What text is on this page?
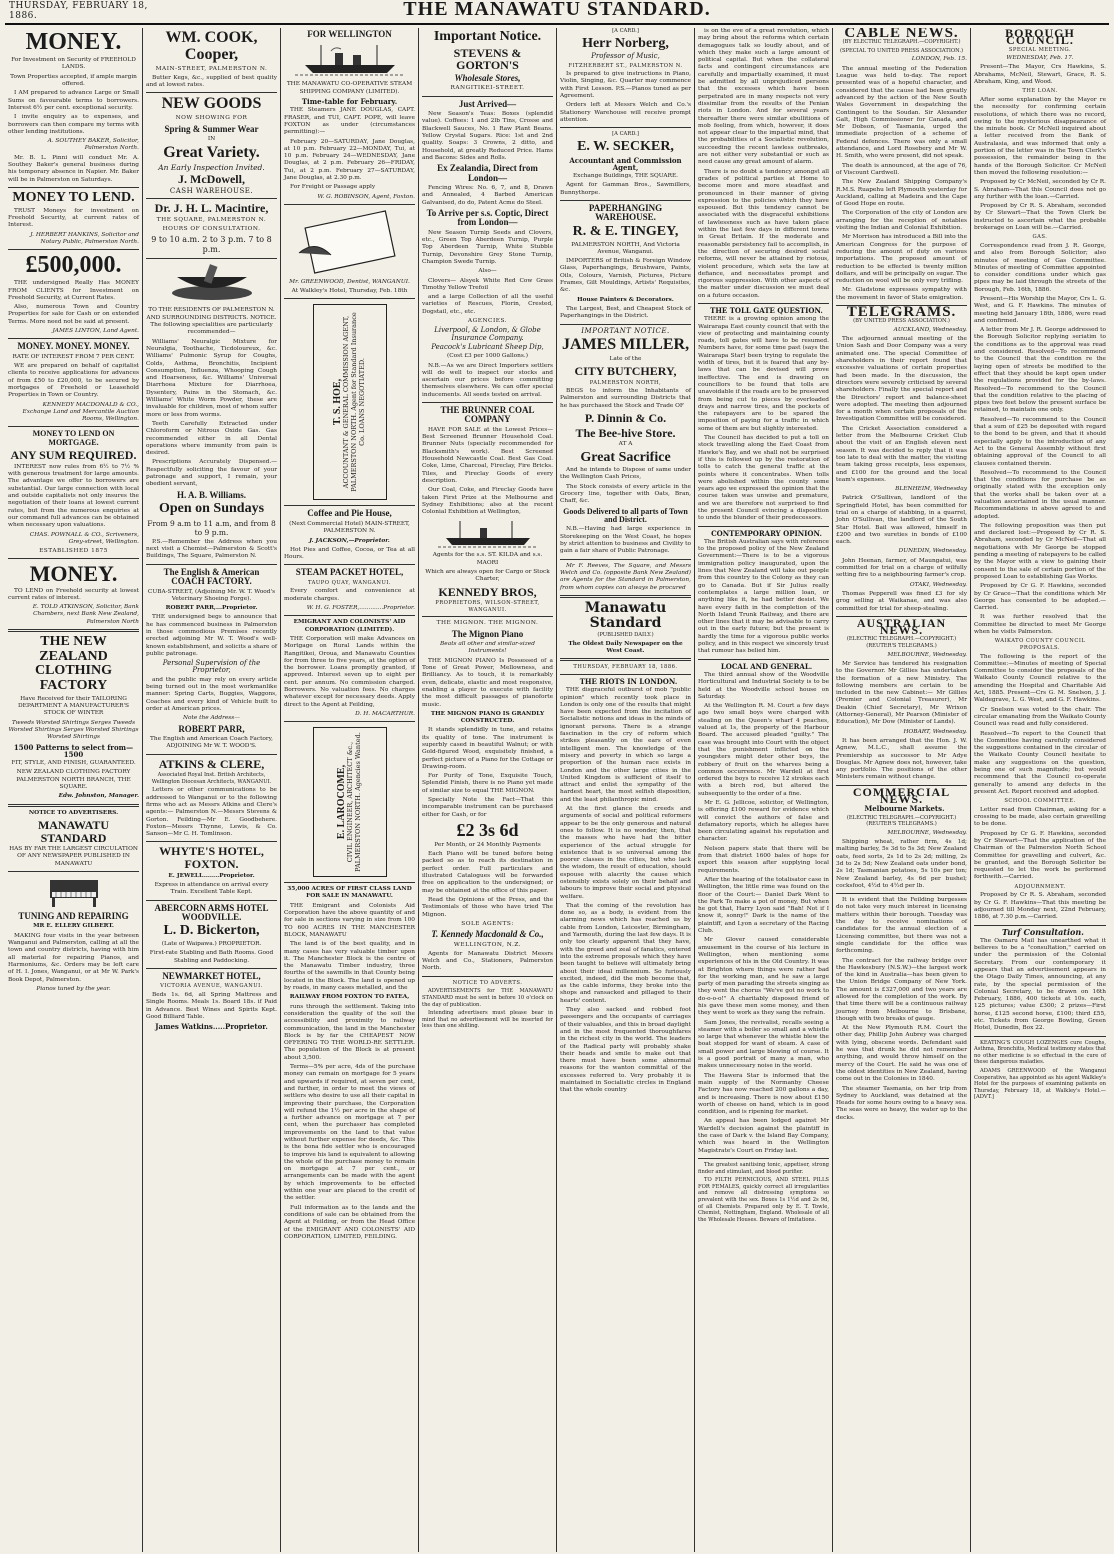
THURSDAY, FEBRUARY 18, 1886.	THE MANAWATU STANDARD.
MONEY.

For Investment on Security of FREEHOLD LANDS.

Town Properties accepted, if ample margin offered.

I AM prepared to advance Large or Small Sums on favourable terms to borrowers. Interest 6½ per cent. exceptional security.

I invite enquiry as to expenses, and borrowers can then compare my terms with other lending institutions.

A. SOUTHEY BAKER, Solicitor, Palmerston North.

Mr. B. L. Pinni will conduct Mr. A. Southey Baker's general business during his temporary absence in Napier. Mr. Baker will be in Palmerston on Saturdays.

MONEY TO LEND.

TRUST Moneys for investment on Freehold Security, at current rates of Interest.

J. HERBERT HANKINS, Solicitor and Notary Public, Palmerston North.

£500,000.

THE undersigned Really Has MONEY FROM CLIENTS for Investment on Freehold Security, at Current Rates.

Also, numerous Town and Country Properties for sale for Cash or on extended Terms. More need not be said at present.

JAMES LINTON, Land Agent.

MONEY. MONEY. MONEY.

RATE OF INTEREST FROM 7 PER CENT.

WE are prepared on behalf of capitalist clients to receive applications for advances of from £50 to £20,000, to be secured by mortgages of Freehold or Leasehold Properties in Town or Country.

KENNEDY MACDONALD & CO., Exchange Land and Mercantile Auction Rooms, Wellington.

MONEY TO LEND ON MORTGAGE.
ANY SUM REQUIRED.

INTEREST now rules from 6½ to 7½ % with generous treatment for large amounts. The advantage we offer to borrowers are substantial. Our large connection with local and outside capitalists not only insures the negotiation of their loans at lowest current rates, but from the numerous enquiries at our command full advances can be obtained when necessary upon valuations.

CHAS. POWNALL & CO., Scriveners, Grey-street, Wellington.

ESTABLISHED 1875

MONEY.

TO LEND on Freehold security at lowest current rates of interest.

E. TOLD ATKINSON, Solicitor, Bank Chambers, next Bank New Zealand, Palmerston North

THE NEW ZEALAND CLOTHING FACTORY

Have Received for their TAILORING DEPARTMENT A MANUFACTURER'S STOCK OF WINTER

Tweeds Worsted Shirtings Serges Tweeds Worsted Shirtings Serges Worsted Shirtings Worsted Shirtings

1500 Patterns to select from—1500

FIT, STYLE, AND FINISH, GUARANTEED.

NEW ZEALAND CLOTHING FACTORY PALMERSTON NORTH BRANCH, THE SQUARE.

Edw. Johnston, Manager.

NOTICE TO ADVERTISERS.

MANAWATU STANDARD

HAS BY FAR THE LARGEST CIRCULATION OF ANY NEWSPAPER PUBLISHED IN MANAWATU

TUNING AND REPAIRING

MR E. ELLERY GILBERT.

MAKING four visits in the year between Wanganui and Palmerston, calling at all the town and country districts, having with him all material for repairing Pianos, and Harmoniums, &c. Orders may be left care of H. I. Jones, Wanganui, or at Mr W. Park's Book Depot, Palmerston.

Pianos tuned by the year.

WM. COOK, Cooper,

MAIN-STREET, PALMERSTON N.

Butter Kegs, &c., supplied of best quality and at lowest rates.

NEW GOODS

NOW SHOWING FOR

Spring & Summer Wear

IN

Great Variety.

An Early Inspection Invited.

J. McDowell,

CASH WAREHOUSE.

Dr. J. H. L. Macintire,

THE SQUARE, PALMERSTON N.

HOURS OF CONSULTATION.

9 to 10 a.m. 2 to 3 p.m. 7 to 8 p.m.

TO THE RESIDENTS OF PALMERSTON N. AND SURROUNDING DISTRICTS. NOTICE. The following specialities are particularly recommended—

Williams' Neuralgic Mixture for Neuralgia, Toothache, Ticdoloureux, &c. Williams' Pulmonic Syrup for Coughs, Colds, Asthma, Bronchitis, Incipient Consumption, Influenza, Whooping Cough and Hoarseness, &c. Williams' Universal Diarrhoea Mixture for Diarrhoea, Dysentery, Pains in the Stomach, &c. Williams' White Worm Powder, these are invaluable for children, most of whom suffer more or less from worms.

Teeth Carefully Extracted under Chloroform or Nitrous Oxide Gas. Gas recommended either in all Dental operations where immunity from pain is desired.

Prescriptions Accurately Dispensed.—Respectfully soliciting the favour of your patronage and support, I remain, your obedient servant,

H. A. B. Williams.
Open on Sundays

From 9 a.m to 11 a.m, and from 8 to 9 p.m.

P.S.—Remember the Address when you next visit a Chemist—Palmerston & Scott's Buildings, The Square, Palmerston N.

The English & American COACH FACTORY.

CUBA-STREET, (Adjoining Mr. W. T. Wood's Veterinary Shoeing Forge).

ROBERT PARR,...Proprietor.

THE undersigned begs to announce that he has commenced business in Palmerston in those commodious Premises recently erected adjoining Mr W. T. Wood's well-known establishment, and solicits a share of public patronage.

Personal Supervision of the Proprietor,

and the public may rely on every article being turned out in the most workmanlike manner: Spring Carts, Buggies, Waggons, Coaches and every kind of Vehicle built to order at American prices.

Note the Address—

ROBERT PARR,

The English and American Coach Factory, ADJOINING Mr W. T. WOOD'S.

ATKINS & CLERE,

Associated Royal Inst. British Architects, Wellington Diocesan Architects, WANGANUI.

Letters or other communications to be addressed to Wanganui or to the following firms who act as Messrs Atkins and Clere's agents:— Palmerston N.—Messrs Stevens & Gorton. Feilding—Mr E. Goodbehere. Foxton—Messrs Thynne, Lewis, & Co. Sanson—Mr C. H. Tomlinson.

WHYTE'S HOTEL, FOXTON.

E. JEWELL........Proprietor.

Express in attendance on arrival every Train. Excellent Table Kept.

ABERCORN ARMS HOTEL WOODVILLE.
L. D. Bickerton,

(Late of Waipawa.) PROPRIETOR.

First-rate Stabling and Bath Rooms. Good Stabling and Paddocking.

NEWMARKET HOTEL,

VICTORIA AVENUE, WANGANUI.

Beds 1s. 6d, all Spring Mattress and Single Rooms. Meals 1s. Board 18s. if Paid in Advance. Best Wines and Spirits Kept. Good Billiard Table.

James Watkins.....Proprietor.

FOR WELLINGTON

THE MANAWATU CO-OPERATIVE STEAM SHIPPING COMPANY (LIMITED).

Time-table for February.

THE Steamers JANE DOUGLAS, CAPT. FRASER, and TUI, CAPT. POPE, will leave FOXTON as under (circumstances permitting):—

February 20—SATURDAY, Jane Douglas, at 10 p.m. February 22—MONDAY, Tui, at 10 p.m. February 24—WEDNESDAY, Jane Douglas, at 2 p.m. February 26—FRIDAY, Tui, at 2 p.m. February 27—SATURDAY, Jane Douglas, at 2.30 p.m.

For Freight or Passage apply

W. G. ROBINSON, Agent, Foxton.

Mr. GREENWOOD, Dentist, WANGANUI.

At Walkley's Hotel, Thursday, Feb. 18th

T. S. HOE, ACCOUNTANT & GENERAL COMMISSION AGENT, PALMERSTON NORTH. Agent for Standard Insurance Co. LOANS NEGOTIATED.
Coffee and Pie House,

(Next Commercial Hotel) MAIN-STREET, PALMERSTON N.

J. JACKSON,—Proprietor.

Hot Pies and Coffee, Cocoa, or Tea at all Hours.

STEAM PACKET HOTEL,

TAUPO QUAY, WANGANUI.

Every comfort and convenience at moderate charges.

W. H. G. FOSTER,.............Proprietor.

EMIGRANT AND COLONISTS' AID CORPORATION (LIMITED).

THE Corporation will make Advances on Mortgage on Rural Lands within the Rangitikei, Oroua, and Manawatu Counties for from three to five years, at the option of the borrower. Loans promptly granted, if approved. Interest seven up to eight per cent. per annum. No commission charged. Borrowers. No valuation fees. No charges whatever except for necessary deeds. Apply direct to the Agent at Feilding,

D. H. MACARTHUR.

E. LAROCOME, CIVIL ENGINEER, ARCHITECT &c., PALMERSTON NORTH. Agencies Wanted.

35,000 ACRES OF FIRST CLASS LAND FOR SALE IN MANAWATU.

THE Emigrant and Colonists Aid Corporation have the above quantity of and for sale in sections varying in size from 100 TO 600 ACRES IN THE MANCHESTER BLOCK, MANAWATU

The land is of the best quality, and in many cases has very valuable timber upon it. The Manchester Block is the centre of the Manawatu Timber industry, three fourths of the sawmills in that County being located in the Block. The land is opened up by roads, in many cases metalled, and the

RAILWAY FROM FOXTON TO FATEA,

runs through the settlement. Taking into consideration the quality of the soil the accessibility and proximity to railway communication, the land in the Manchester Block is by far the CHEAPEST NOW OFFERING TO THE WORLD-RE SETTLER. The population of the Block is at present about 3,500.

Terms—5% per acre, 4ds of the purchase money can remain on mortgage for 5 years and upwards if required, at seven per cent, and further, in order to meet the views of settlers who desire to use all their capital in improving their purchase, the Corporation will refund the 1½ per acre in the shape of a further advance on mortgage at 7 per cent, when the purchaser has completed improvements on the land to that value without further expense for deeds, &c. This is the bona fide settler who is encouraged to improve his land is equivalent to allowing the whole of the purchase money to remain on mortgage at 7 per cent., or arrangements can be made with the agent by which improvements to be effected within one year are placed to the credit of the settler.

Full information as to the lands and the conditions of sale can be obtained from the Agent at Feilding, or from the Head Office of the EMIGRANT AND COLONISTS' AID CORPORATION, LIMITED, FEILDING.

Important Notice.
STEVENS & GORTON'S
Wholesale Stores,

RANGITIKEI-STREET.

Just Arrived—

New Season's Teas: Boxes (splendid value). Coffees: 1 and 2lb Tins, Crosse and Blackwell Sauces, No. 1 Raw Plant Beans. Yellow Crystal Sugars. Rice: 1st and 2nd quality. Soaps: 3 Crowns, 2 ditto, and Household, at greatly Reduced Price. Hams and Bacons: Sides and Rolls.

Ex Zealandia, Direct from London—

Fencing Wires: No. 6, 7, and 8, Drawn and Annealed, 4 Barbed American Galvanised, do do, Patent Acme do Steel.

To Arrive per s.s. Coptic, Direct from London—

New Season Turnip Seeds and Clovers, etc., Green Top Aberdeen Turnip, Purple Top Aberdeen Turnip, White Stubble Turnip, Devonshire Grey Stone Turnip, Champion Swede Turnip.

Also—

Clovers— Alsyek White Red Cow Grass Timothy Yellow Trefoil

and a large Collection of all the useful varieties of Rescues, Florin, Crested, Dogstail, etc., etc.

AGENCIES.

Liverpool, & London, & Globe Insurance Company.

Peacock's Lubricant Sheep Dip,

(Cost £3 per 1000 Gallons.)

N.B.—As we are Direct Importers settlers will do well to inspect our stocks and ascertain our prices before committing themselves elsewhere. We can offer special inducements. All seeds tested on arrival.

THE BRUNNER COAL COMPANY

HAVE FOR SALE at the Lowest Prices— Best Screened Brunner Household Coal. Brunner Nuts (specially recommended for Blacksmith's work). Best Screened Household Newcastle Coal. Best Gas Coal. Coke, Lime, Charcoal, Fireclay, Fire Bricks. Tiles, and Fireclay Goods of every description.

Our Coal, Coke, and Fireclay Goods have taken First Prize at the Melbourne and Sydney Exhibitions; also at the recent Colonial Exhibition at Wellington,

Agents for the s.s. ST. KILDA and s.s. MAORI

Which are always open for Cargo or Stock Charter,

KENNEDY BROS,

PROPRIETORS, WILSON-STREET, WANGANUI.

THE MIGNON. THE MIGNON.

The Mignon Piano

Beats all other and similar-sized Instruments!

THE MIGNON PIANO Is Possessed of a Tone of Great Power, Mellowness, and Brilliancy. As to touch, it is remarkably even, delicate, elastic and most responsive, enabling a player to execute with facility the most difficult passages of pianoforte music.

THE MIGNON PIANO IS GRANDLY CONSTRUCTED.

It stands splendidly in tune, and retains its quality of tone. The instrument is superbly cased in beautiful Walnut; or with Gold-figured Wood, exquisitely finished, a perfect picture of a Piano for the Cottage or Drawing-room.

For Purity of Tone, Exquisite Touch, Splendid Finish, there is no Piano yet made of similar size to equal THE MIGNON.

Specially Note the Fact—That this incomparable instrument can be purchased either for Cash, or for

£2 3s 6d

Per Month, or 24 Monthly Payments

Each Piano will be tuned before being packed so as to reach its destination in perfect order. Full particulars and illustrated Catalogues will be forwarded free on application to the undersigned; or may be obtained at the office of this paper.

Read the Opinions of the Press, and the Testimonials of those who have tried The Mignon.

SOLE AGENTS:

T. Kennedy Macdonald & Co.,

WELLINGTON, N.Z.

Agents for Manawatu District Messrs Welch and Co., Stationers, Palmerston North.

NOTICE TO ADVERTS.

ADVERTISEMENTS for THE MANAWATU STANDARD must be sent in before 10 o'clock on the day of publication.

Intending advertisers must please bear in mind that no advertisement will be inserted for less than one shilling.

[A CARD.]

Herr Norberg,

Professor of Music,

FITZHERBERT ST., PALMERSTON N.

Is prepared to give instructions in Piano, Violin, Singing, &c. Quarter may commence with First Lesson. P.S.—Pianos tuned as per Agreement.

Orders left at Messrs Welch and Co.'s Stationery Warehouse will receive prompt attention.

[A CARD.]

E. W. SECKER,

Accountant and Commission Agent,

Exchange Buildings, THE SQUARE.

Agent for Gamman Bros., Sawmillers, Bunnythorpe.

PAPERHANGING WAREHOUSE.
R. & E. TINGEY,

PALMERSTON NORTH, And Victoria Avenue, Wanganui.

IMPORTERS of British & Foreign Window Glass, Paperhangings, Brushware, Paints, Oils, Colours, Varnish, Pictures, Picture Frames, Gilt Mouldings, Artists' Requisites, &c.

House Painters & Decorators.

The Largest, Best, and Cheapest Stock of Paperhangings in the District.

IMPORTANT NOTICE.

JAMES MILLER,

Late of the

CITY BUTCHERY,

PALMERSTON NORTH,

BEGS to inform the Inhabitants of Palmerston and surrounding Districts that he has purchased the Stock and Trade OF

P. Dinnin & Co.
The Bee-hive Store.

AT A

Great Sacrifice

And he intends to Dispose of same under the Wellington Cash Prices,

The Stock consists of every article in the Grocery line, together with Oats, Bran, Chaff, &c.

Goods Delivered to all parts of Town and District.

N.B.—Having had large experience in Storekeeping on the West Coast, he hopes by strict attention to business and Civility to gain a fair share of Public Patronage.

Mr F. Reeves, The Square, and Messrs Welch and Co. (opposite Bank New Zealand) are Agents for the Standard in Palmerston, from whom copies can always be procured

Manawatu Standard

(PUBLISHED DAILY.)

The Oldest Daily Newspaper on the West Coast.

THURSDAY, FEBRUARY 18, 1886.

THE RIOTS IN LONDON.

THE disgraceful outburst of mob "public opinion" which recently took place in London is only one of the results that might have been expected from the incitation of Socialistic notions and ideas in the minds of ignorant persons. There is a strange fascination in the cry of reform which strikes pleasantly on the ears of even intelligent men. The knowledge of the misery and poverty in which so large a proportion of the human race exists in London and the other large cities in the United Kingdom is sufficient of itself to attract and enlist the sympathy of the hardest heart, the most selfish disposition, and the least philanthropic mind.

At the first glance the creeds and arguments of social and political reformers appear to be the only generous and natural ones to follow. It is no wonder, then, that the masses who have had the bitter experience of the actual struggle for existence that is so universal among the poorer classes in the cities, but who lack the wisdom, the result of education, should espouse with alacrity the cause which ostensibly exists solely on their behalf and labours to improve their social and physical welfare.

That the coming of the revolution has done so, as a body, is evident from the alarming news which has reached us by cable from London, Leicester, Birmingham, and Yarmouth, during the last few days. It is only too clearly apparent that they have, with the greed and zeal of fanatics, entered into the extreme proposals which they have been taught to believe will ultimately bring about their ideal millennium. So furiously excited, indeed, did the mob become that, as the cable informs, they broke into the shops and ransacked and pillaged to their hearts' content.

They also sacked and robbed foot passengers and the occupants of carriages of their valuables, and this in broad daylight and in the most frequented thoroughfares in the richest city in the world. The leaders of the Radical party will probably shake their heads and smile to make out that there must have been some abnormal reasons for the wanton committal of the excesses referred to. Very probably it is maintained in Socialistic circles in England that the whole country

is on the eve of a great revolution, which may bring about the reforms which certain demagogues talk so loudly about, and of which they make such a large amount of political capital. But when the collateral facts and contingent circumstances are carefully and impartially examined, it must be admitted by all unprejudiced persons that the excesses which have been perpetrated are in many respects not very dissimilar from the results of the Fenian riots in London. And for several years thereafter there were similar ebullitions of mob feeling, from which, however, it does not appear clear to the impartial mind, that the probabilities of a Socialistic revolution, succeeding the recent lawless outbreaks, are not either very substantial or such as need cause any great amount of alarm.

There is no doubt a tendency amongst all grades of political parties at Home to become more and more steadfast and pronounced in their manner of giving expression to the policies which they have espoused. But this tendency cannot be associated with the disgraceful exhibitions of lawlessness such as have taken place within the last few days in different towns in Great Britain. If the moderate and reasonable persistency fail to accomplish, in the direction of securing desired social reforms, will never be attained by riotous, violent procedure, which sets the law at defiance, and necessitates prompt and rigorous suppression. With other aspects of the matter under discussion we must deal on a future occasion.

THE TOLL GATE QUESTION.

THERE is a growing opinion among the Wairarapa East county council that with the view of protecting and maintaining county roads, toll gates will have to be resumed. Numbers have, for some time past (says the Wairarapa Star) been trying to regulate the width of tires, but it is feared that any by-laws that can be devised will prove ineffective. The end is drawing on councillors to be found that tolls are unavoidable if the roads are to be preserved from being cut to pieces by overloaded drays and narrow tires, and the pockets of the ratepayers are to be spared the imposition of paying for a traffic in which some of them are but slightly interested.

The Council has decided to put a toll on stock travelling along the East Coast from Hawke's Bay, and we shall not be surprised if this is followed up by the restoration of tolls to catch the general traffic at the points where it concentrates. When tolls were abolished within the county some years ago we expressed the opinion that the course taken was unwise and premature, and we are therefore not surprised to find the present Council evincing a disposition to undo the blunder of their predecessors.

CONTEMPORARY OPINION.

The British Australian says with reference to the proposed policy of the New Zealand Government:—There is to be a vigorous immigration policy inaugurated, upon the lines that New Zealand will take out people from this country to the Colony as they can go to Canada. But if Sir Julius really contemplates a large million loan, or anything like it, he had better desist. We have every faith in the completion of the North Island Trunk Railway, and there are other lines that it may be advisable to carry out in the early future; but the present is hardly the time for a vigorous public works policy, and in this respect we sincerely trust that rumour has belied him.

LOCAL AND GENERAL.

The third annual show of the Woodville Horticultural and Industrial Society is to be held at the Woodville school house on Saturday.

At the Wellington R. M. Court a few days ago two small boys were charged with stealing on the Queen's wharf 4 peaches, valued at 1s, the property of the Harbour Board. The accused pleaded "guilty." The case was brought into Court with the object that the punishment inflicted on the youngsters might deter other boys, the robbery of fruit on the wharves being a common occurrence. Mr Wardell at first ordered the boys to receive 12 strokes each with a birch rod, but altered the subsequently to the order of a fine.

Mr E. G. Jellicoe, solicitor, of Wellington, is offering £100 reward for evidence which will convict the authors of false and defamatory reports, which he alleges have been circulating against his reputation and character.

Nelson papers state that there will be from that district 1600 bales of hops for export this season after supplying local requirements.

After the hearing of the totalisator case in Wellington, the little rime was found on the floor of the Court:— Daniel Dark Went to the Park To make a pot of money, But when he got that, Harry Lyon said "Bah! Not if I know it, sonny!" Dark is the name of the plaintiff, and Lyon a secretary of the Racing Club.

Mr Glover caused considerable amusement in the course of his lecture in Wellington, when mentioning some experiences of his in the Old Country. It was at Brighton where things were rather bad for the working man, and he saw a large party of men parading the streets singing as they went the chorus "We've got no work to do-o-o-o!" A charitably disposed friend of his gave these men some money, and then they went to work as they sang the refrain.

Sam Jones, the revivalist, recalls seeing a steamer with a boiler so small and a whistle so large that whenever the whistle blew the boat stopped for want of steam. A case of small power and large blowing of course. It is a good portrait of many a man, who makes unnecessary noise in the world.

The Hawera Star is informed that the main supply of the Normanby Cheese Factory has now reached 200 gallons a day, and is increasing. There is now about £150 worth of cheese on hand, which is in good condition, and is ripening for market.

An appeal has been lodged against Mr Wardell's decision against the plaintiff in the case of Dark v. the Island Bay Company, which was heard in the Wellington Magistrate's Court on Friday last.

The greatest sanitising tonic, appetiser, strong finder and stimulant, and blood purifier.

TO FILTH PERNICIOUS, AND STEEL PILLS FOR FEMALES, quickly correct all irregularities and remove all distressing symptoms so prevalent with the sex. Boxes 1s 1½d and 2s 9d, of all Chemists. Prepared only by E. T. Towle, Chemist, Nottingham, England. Wholesale of all the Wholesale Houses. Beware of Imitations.

CABLE NEWS.

(BY ELECTRIC TELEGRAPH.—COPYRIGHT.)

(SPECIAL TO UNITED PRESS ASSOCIATION.)

LONDON, Feb. 15.

The annual meeting of the Federation League was held to-day. The report presented was of a hopeful character, and considered that the cause had been greatly advanced by the action of the New South Wales Government in despatching the Contingent to the Soudan. Sir Alexander Galt, High Commissioner for Canada, and Mr Dobson, of Tasmania, urged the immediate projection of a scheme of Federal defences. There was only a small attendance, and Lord Rosebery and Mr W. H. Smith, who were present, did not speak.

The death is announced, at the age of 76, of Viscount Cardwell.

The New Zealand Shipping Company's R.M.S. Ruapehu left Plymouth yesterday for Auckland, calling at Madeira and the Cape of Good Hope en route.

The Corporation of the city of London are arranging for the reception of notables visiting the Indian and Colonial Exhibition.

Mr Morrison has introduced a Bill into the American Congress for the purpose of reducing the amount of duty on various importations. The proposed amount of reduction to be effected is twenty million dollars, and will be principally on sugar. The reduction on wool will be only very trifling.

Mr. Gladstone expresses sympathy with the movement in favor of State emigration.

TELEGRAMS.

(BY UNITED PRESS ASSOCIATION.)

AUCKLAND, Wednesday.

The adjourned annual meeting of the Union Sash and Door Company was a very animated one. The special Committee of shareholders in their report found that excessive valuations of certain properties had been made. In the discussion, the directors were severely criticised by several shareholders. Finally the special report and the Directors' report and balance-sheet were adopted. The meeting then adjourned for a month when certain proposals of the Investigation Committee will be considered.

The Cricket Association considered a letter from the Melbourne Cricket Club about the visit of an English eleven next season. It was decided to reply that it was too late to deal with the matter, the visiting team taking gross receipts, less expenses, and £100 for the ground and the local team's expenses.

BLENHEIM, Wednesday

Patrick O'Sullivan, landlord of the Springfield Hotel, has been committed for trial on a charge of stabbing, in a quarrel, John O'Sullivan, the landlord of the South Star Hotel. Bail was allowed, himself in £200 and two sureties in bonds of £100 each.

DUNEDIN, Wednesday.

John Heenan, farmer, of Maungatui, was committed for trial on a charge of wilfully setting fire to a neighbouring farmer's crop.

OTAKI, Wednesday.

Thomas Pepperell was fined £3 for sly grog selling at Waikanae, and was also committed for trial for sheep-stealing.

AUSTRALIAN NEWS.

(ELECTRIC TELEGRAPH.—COPYRIGHT.) (REUTER'S TELEGRAMS.)

MELBOURNE, Wednesday.

Mr Service has tendered his resignation to the Governor. Mr Gillies has undertaken the formation of a new Ministry. The following members are certain to be included in the new Cabinet:— Mr Gillies (Premier and Colonial Treasurer), Mr Deakin (Chief Secretary), Mr Wrixon (Attorney-General), Mr Pearson (Minister of Education), Mr Dow (Minister of Lands).

HOBART, Wednesday.

It has been arranged that the Hon. J. W. Agnew, M.L.C., shall assume the Premiership as successor to Mr Adye Douglas. Mr Agnew does not, however, take any portfolio. The positions of the other Ministers remain without change.

COMMERCIAL NEWS.

Melbourne Markets.

(ELECTRIC TELEGRAPH.—COPYRIGHT.) (REUTER'S TELEGRAMS.)

MELBOURNE, Wednesday.

Shipping wheat, rather firm, 4s 1d; malting barley, 5s 3d to 5s 3d; New Zealand oats, feed sorts, 2s 1d to 2s 2d; milling, 2s 3d to 2s 5d; New Zealand oats under bond, 2s 1d; Tasmanian potatoes, 5s 10s per ton; New Zealand barley, 4s 6d per bushel; cocksfoot, 4½d to 4½d per lb.

It is evident that the Feilding burgesses do not take very much interest in licensing matters within their borough. Tuesday was the day to receive nominations of candidates for the annual election of a Licensing committee, but there was not a single candidate for the office was forthcoming.

The contract for the railway bridge over the Hawkesbury (N.S.W.)—the largest work of the kind in Australia—has been given to the Union Bridge Company of New York. The amount is £327,000 and two years are allowed for the completion of the work. By that time there will be a continuous railway journey from Melbourne to Brisbane, though with two breaks of gauge.

At the New Plymouth R.M. Court the other day, Phillip John Aubrey was charged with lying, obscene words. Defendant said he was that drunk he did not remember anything, and would throw himself on the mercy of the Court. He said he was one of the oldest identities in New Zealand, having come out in the Colonies in 1840.

The steamer Tasmania, on her trip from Sydney to Auckland, was detained at the Heads for some hours owing to a heavy sea. The seas were so heavy, the water up to the decks.

BOROUGH COUNCIL.

SPECIAL MEETING.

WEDNESDAY, Feb. 17.

Present—The Mayor, Crs Hawkins, S. Abrahams, McNeil, Stewart, Grace, R. S. Abraham, King, and Wood.

THE LOAN.

After some explanation by the Mayor re the necessity for confirming certain resolutions, of which there was no record, owing to the mysterious disappearance of the minute book. Cr McNeil inquired about a letter received from the Bank of Australasia, and was informed that only a portion of the letter was in the Town Clerk's possession, the remainder being in the hands of the Borough Solicitor. Cr McNeil then moved the following resolution:—

Proposed by Cr McNeil, seconded by Cr R. S. Abraham—That this Council does not go any further with the loan.—Carried.

Proposed by Cr R. S. Abraham, seconded by Cr Stewart—That the Town Clerk be instructed to ascertain what the probable brokerage on Loan will be.—Carried.

GAS.

Correspondence read from J. R. George, and also from Borough Solicitor; also minutes of meeting of Gas Committee. Minutes of meeting of Committee appointed to consider conditions under which gas pipes may be laid through the streets of the Borough, Feb. 16th, 1886.

Present—His Worship the Mayor, Crs L. G. West, and G. F. Hawkins. The minutes of meeting held January 18th, 1886, were read and confirmed.

A letter from Mr J. R. George addressed to the Borough Solicitor replying seriatim to the conditions as to the approval was read and considered. Resolved—To recommend to the Council that the condition re the laying open of streets be modified to the effect that they should be kept open under the regulations provided for the by-laws. Resolved—To recommend to the Council that the condition relative to the placing of pipes two feet below the present surface be retained, to maintain one only.

Resolved—To recommend to the Council that a sum of £25 be deposited with regard to the bond to be given, and that it should especially apply to the introduction of any Act to the General Assembly without first obtaining approval of the Council to all clauses contained therein.

Resolved—To recommend to the Council that the conditions for purchase be as originally stated with the exception only that the works shall be taken over at a valuation ascertained in the usual manner. Recommendations in above agreed to and adopted.

The following proposition was then put and declared lost:—Proposed by Cr R. S. Abraham, seconded by Cr McNeil—That all negotiations with Mr George be stopped pending a meeting of ratepayers to be called by the Mayor with a view to gaining their consent to the sale of certain portion of the proposed Loan to establishing Gas Works.

Proposed by Cr G. F. Hawkins, seconded by Cr Grace—That the conditions which Mr George has consented to be adopted.—Carried.

It was further resolved that the Committee be directed to meet Mr George when he visits Palmerston.

WAIKATO COUNTY COUNCIL PROPOSALS.

The following is the report of the Committee:—Minutes of meeting of Special Committee to consider the proposals of the Waikato County Council relative to the amending the Hospital and Charitable Aid Act, 1885. Present—Crs G. M. Snelson, J. J. Waldegrave, L. G. West, and G. F. Hawkins.

Cr Snelson was voted to the chair. The circular emanating from the Waikato County Council was read and fully considered.

Resolved—To report to the Council that the Committee having carefully considered the suggestions contained in the circular of the Waikato County Council hesitate to make any suggestions on the question, being one of such magnitude; but would recommend that the Council co-operate generally to amend any defects in the present Act. Report received and adopted.

SCHOOL COMMITTEE.

Letter read from Chairman, asking for a crossing to be made, also certain gravelling to be done.

Proposed by Cr G. F. Hawkins, seconded by Cr Stewart—That the application of the Chairman of the Palmerston North School Committee for gravelling and culvert, &c. be granted, and the Borough Solicitor be requested to let the work be performed forthwith.—Carried.

ADJOURNMENT.

Proposed by Cr R. S. Abraham, seconded by Cr G. F. Hawkins—That this meeting be adjourned till Monday next, 22nd February, 1886, at 7.30 p.m.—Carried.

Turf Consultation.

The Oamaru Mail has unearthed what it believes to be a "consultation," carried on under the permission of the Colonial Secretary. From our contemporary it appears that an advertisement appears in the Otago Daily Times, announcing, at any rate, by the special permission of the Colonial Secretary, to be drawn on 16th February, 1886, 400 tickets at 10s. each, 125 pictures; value £300; 2 prizes—First horse, £125 second horse, £100; third £55, etc. Tickets from George Bowling, Green Hotel, Dunedin, Box 22.

KEATING'S COUGH LOZENGES cure Coughs, Asthma, Bronchitis, Medical testimony states that no other medicine is so effectual in the cure of these dangerous maladies.

ADAMS GREENWOOD of the Wanganui Cooperative, has appointed as his agent Walkley's Hotel for the purposes of examining patients on Thursday, February 18, at Walkley's Hotel.—[ADVT.]
